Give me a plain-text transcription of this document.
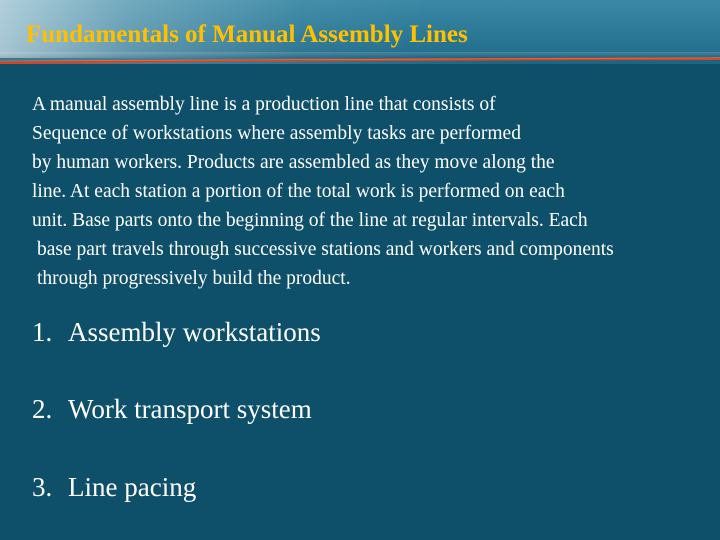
Fundamentals of Manual Assembly Lines

A manual assembly line is a production line that consists of
Sequence of workstations where assembly tasks are performed
by human workers. Products are assembled as they move along the
line. At each station a portion of the total work is performed on each
unit. Base parts onto the beginning of the line at regular intervals. Each
base part travels through successive stations and workers and components
through progressively build the product.

1. Assembly workstations
2. Work transport system
3. Line pacing
